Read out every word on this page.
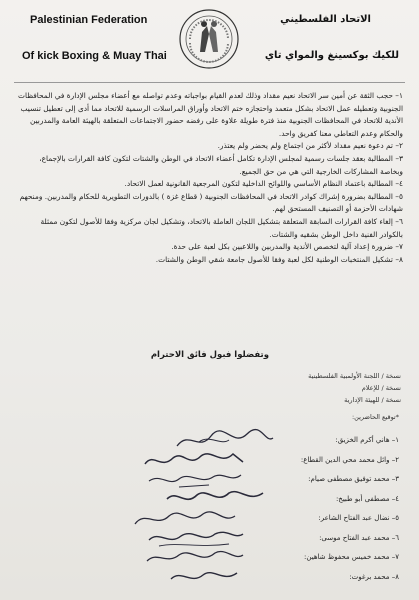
Palestinian Federation
Of kick Boxing & Muay Thai
الاتحاد الفلسطيني
للكيك بوكسينغ والمواي تاي

١– حجب الثقة عن أمين سر الاتحاد نعيم مقداد وذلك لعدم القيام بواجباته وعدم تواصله مع أعضاء مجلس الإدارة في المحافظات الجنوبية وتعطيله عمل الاتحاد بشكل متعمد واحتجازه ختم الاتحاد وأوراق المراسلات الرسمية للاتحاد مما أدى إلى تعطيل تنسيب الأندية للاتحاد في المحافظات الجنوبية منذ فترة طويلة علاوة على رفضه حضور الاجتماعات المتعلقة بالهيئة العامة والمدربين والحكام وعدم التعاطي معنا كفريق واحد.

٢– تم دعوة نعيم مقداد لأكثر من اجتماع ولم يحضر ولم يعتذر.

٣– المطالبة بعقد جلسات رسمية لمجلس الإدارة تكامل أعضاء الاتحاد في الوطن والشتات لتكون كافة القرارات بالإجماع، وبخاصة المشاركات الخارجية التي هي من حق الجميع.

٤– المطالبة باعتماد النظام الأساسي واللوائح الداخلية لتكون المرجعية القانونية لعمل الاتحاد.

٥– المطالبة بضرورة إشراك كوادر الاتحاد في المحافظات الجنوبية ( قطاع غزة ) بالدورات التطويرية للحكام والمدربين. ومنحهم شهادات الأحزمة أو التصنيف المستحق لهم.

٦– إلغاء كافة القرارات السابقة المتعلقة بتشكيل اللجان العاملة بالاتحاد، وتشكيل لجان مركزية وفقا للأصول لتكون ممثلة بالكوادر الفنية داخل الوطن بشقيه والشتات.

٧– ضرورة إعداد آلية لتخصص الأندية والمدربين واللاعبين بكل لعبة على حدة.

٨– تشكيل المنتخبات الوطنية لكل لعبة وفقا للأصول جامعة شقي الوطن والشتات.

وتفضلوا فبول فائق الاحترام
نسخة / اللجنة الأولمبية الفلسطينية
نسخة / للإعلام
نسخة / للهيئة الإدارية
*توقيع الحاضرين:
١– هاني أكرم الخزيق:
٢– وائل محمد محي الدين القطاع:
٣– محمد توفيق مصطفى صيام:
٤– مصطفى أبو طبيخ:
٥– نضال عبد الفتاح الشاعر:
٦– محمد عبد الفتاح موسى:
٧– محمد خميس محفوظ شاهين:
٨– محمد برغوت:
